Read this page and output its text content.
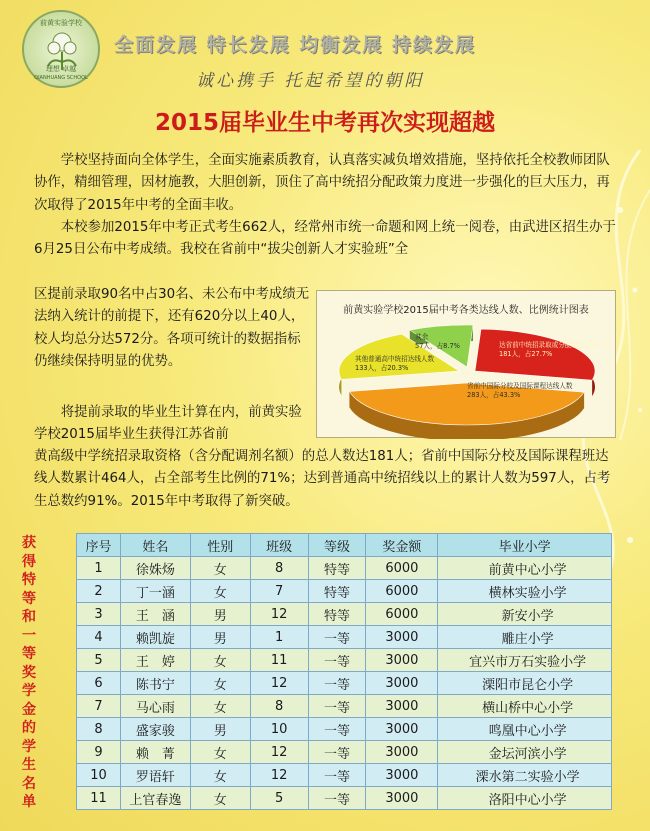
前黄实验学校
理想 卓越
QIANHUANG SCHOOL
全面发展 特长发展 均衡发展 持续发展
诚心携手 托起希望的朝阳
2015届毕业生中考再次实现超越

学校坚持面向全体学生，全面实施素质教育，认真落实减负增效措施，坚持依托全校教师团队协作，精细管理，因材施教，大胆创新，顶住了高中统招分配政策力度进一步强化的巨大压力，再次取得了2015年中考的全面丰收。

本校参加2015年中考正式考生662人，经常州市统一命题和网上统一阅卷，由武进区招生办于6月25日公布中考成绩。我校在省前中“拔尖创新人才实验班”全

区提前录取90名中占30名、未公布中考成绩无法纳入统计的前提下，还有620分以上40人，校人均总分达572分。各项可统计的数据指标仍继续保持明显的优势。

将提前录取的毕业生计算在内，前黄实验学校2015届毕业生获得江苏省前

黄高级中学统招录取资格（含分配调剂名额）的总人数达181人；省前中国际分校及国际课程班达线人数累计464人，占全部考生比例的71%；达到普通高中统招线以上的累计人数为597人，占考生总数约91%。2015年中考取得了新突破。

前黄实验学校2015届中考各类达线人数、比例统计图表
达省前中统招录取或分配调剂录取人数
181人，占27.7%
省前中国际分校及国际课程达线人数
283人，占43.3%
其他普通高中统招达线人数
133人，占20.3%
其余
57人，占8.7%
获
得
特
等
和
一
等
奖
学
金
的
学
生
名
单
序号	姓名	性别	班级	等级	奖金额	毕业小学
1	徐姝炀	女	8	特等	6000	前黄中心小学
2	丁一涵	女	7	特等	6000	横林实验小学
3	王　涵	男	12	特等	6000	新安小学
4	赖凯旋	男	1	一等	3000	雕庄小学
5	王　婷	女	11	一等	3000	宜兴市万石实验小学
6	陈书宁	女	12	一等	3000	溧阳市昆仑小学
7	马心雨	女	8	一等	3000	横山桥中心小学
8	盛家骏	男	10	一等	3000	鸣凰中心小学
9	赖　菁	女	12	一等	3000	金坛河滨小学
10	罗语轩	女	12	一等	3000	溧水第二实验小学
11	上官春逸	女	5	一等	3000	洛阳中心小学
